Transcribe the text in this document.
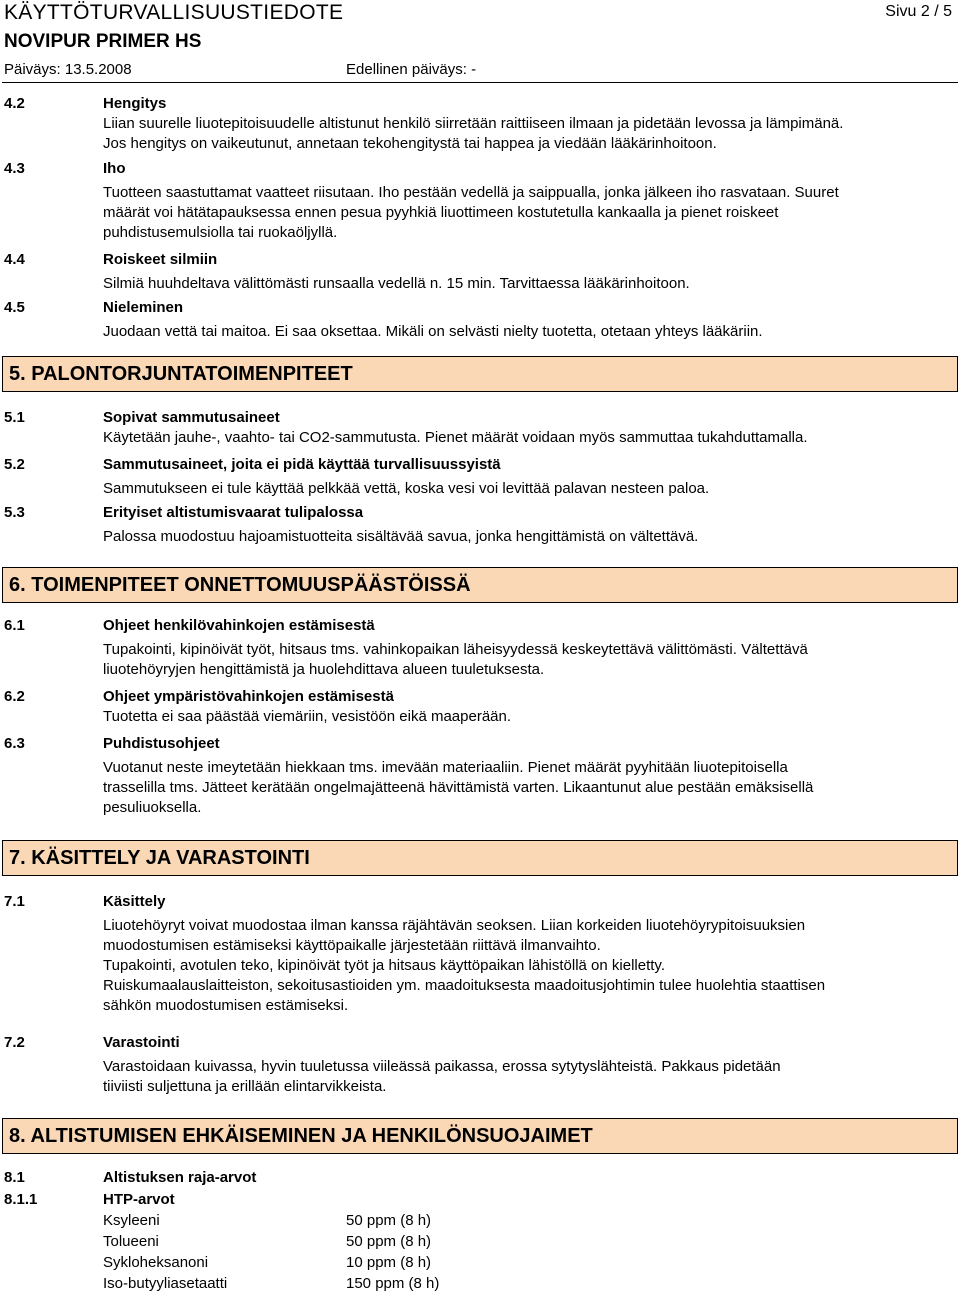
KÄYTTÖTURVALLISUUSTIEDOTE	Sivu 2 / 5
NOVIPUR PRIMER HS
Päiväys: 13.5.2008	Edellinen päiväys: -
4.2	Hengitys
Liian suurelle liuotepitoisuudelle altistunut henkilö siirretään raittiiseen ilmaan ja pidetään levossa ja lämpimänä.
Jos hengitys on vaikeutunut, annetaan tekohengitystä tai happea ja viedään lääkärinhoitoon.
4.3	Iho
Tuotteen saastuttamat vaatteet riisutaan. Iho pestään vedellä ja saippualla, jonka jälkeen iho rasvataan. Suuret
määrät voi hätätapauksessa ennen pesua pyyhkiä liuottimeen kostutetulla kankaalla ja pienet roiskeet
puhdistusemulsiolla tai ruokaöljyllä.
4.4	Roiskeet silmiin
Silmiä huuhdeltava välittömästi runsaalla vedellä n. 15 min. Tarvittaessa lääkärinhoitoon.
4.5	Nieleminen
Juodaan vettä tai maitoa. Ei saa oksettaa. Mikäli on selvästi nielty tuotetta, otetaan yhteys lääkäriin.
5. PALONTORJUNTATOIMENPITEET
5.1	Sopivat sammutusaineet
Käytetään jauhe-, vaahto- tai CO2-sammutusta. Pienet määrät voidaan myös sammuttaa tukahduttamalla.
5.2	Sammutusaineet, joita ei pidä käyttää turvallisuussyistä
Sammutukseen ei tule käyttää pelkkää vettä, koska vesi voi levittää palavan nesteen paloa.
5.3	Erityiset altistumisvaarat tulipalossa
Palossa muodostuu hajoamistuotteita sisältävää savua, jonka hengittämistä on vältettävä.
6. TOIMENPITEET ONNETTOMUUSPÄÄSTÖISSÄ
6.1	Ohjeet henkilövahinkojen estämisestä
Tupakointi, kipinöivät työt, hitsaus tms. vahinkopaikan läheisyydessä keskeytettävä välittömästi. Vältettävä
liuotehöyryjen hengittämistä ja huolehdittava alueen tuuletuksesta.
6.2	Ohjeet ympäristövahinkojen estämisestä
Tuotetta ei saa päästää viemäriin, vesistöön eikä maaperään.
6.3	Puhdistusohjeet
Vuotanut neste imeytetään hiekkaan tms. imevään materiaaliin. Pienet määrät pyyhitään liuotepitoisella
trasselilla tms. Jätteet kerätään ongelmajätteenä hävittämistä varten. Likaantunut alue pestään emäksisellä
pesuliuoksella.
7. KÄSITTELY JA VARASTOINTI
7.1	Käsittely
Liuotehöyryt voivat muodostaa ilman kanssa räjähtävän seoksen. Liian korkeiden liuotehöyrypitoisuuksien
muodostumisen estämiseksi käyttöpaikalle järjestetään riittävä ilmanvaihto.
Tupakointi, avotulen teko, kipinöivät työt ja hitsaus käyttöpaikan lähistöllä on kielletty.
Ruiskumaalauslaitteiston, sekoitusastioiden ym. maadoituksesta maadoitusjohtimin tulee huolehtia staattisen
sähkön muodostumisen estämiseksi.
7.2	Varastointi
Varastoidaan kuivassa, hyvin tuuletussa viileässä paikassa, erossa sytytyslähteistä. Pakkaus pidetään
tiiviisti suljettuna ja erillään elintarvikkeista.
8. ALTISTUMISEN EHKÄISEMINEN JA HENKILÖNSUOJAIMET
8.1	Altistuksen raja-arvot
8.1.1	HTP-arvot
Ksyleeni	50 ppm (8 h)
Tolueeni	50 ppm (8 h)
Sykloheksanoni	10 ppm (8 h)
Iso-butyyliasetaatti	150 ppm (8 h)
